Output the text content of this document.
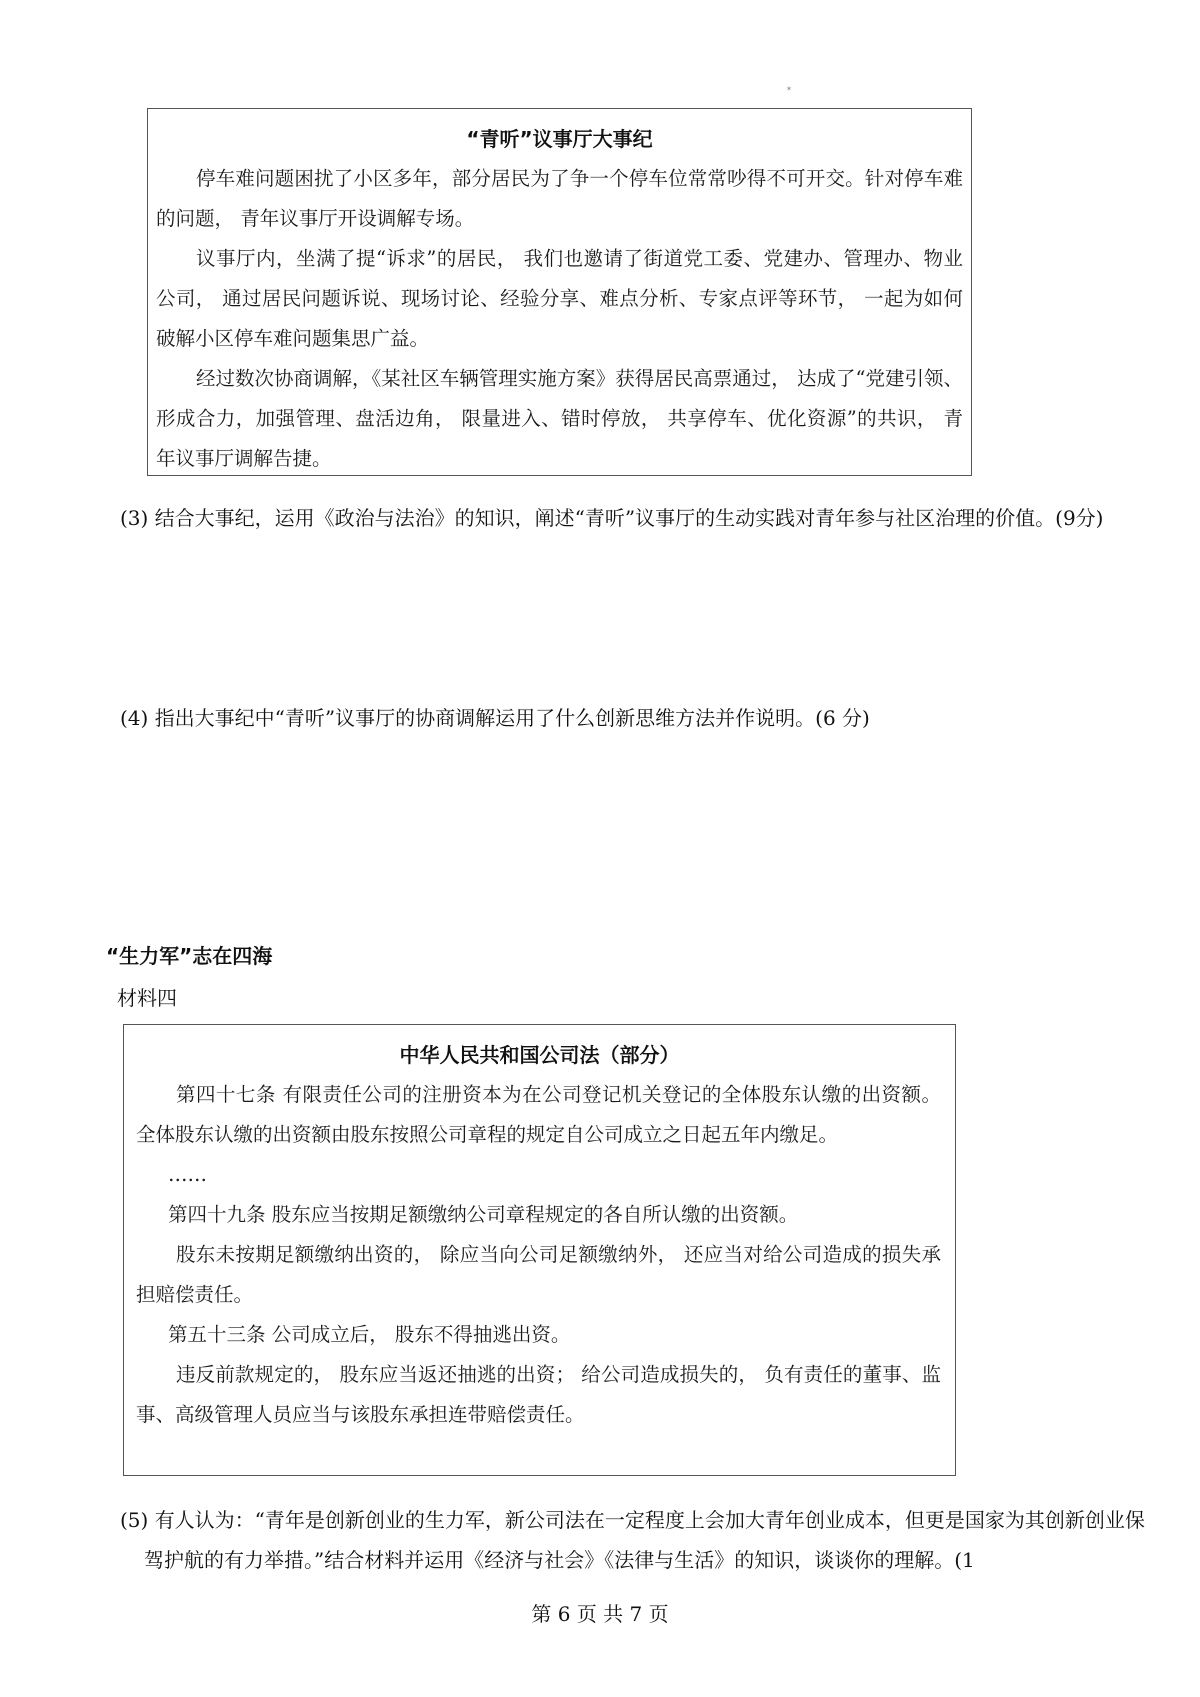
*
“青听”议事厅大事纪

停车难问题困扰了小区多年，部分居民为了争一个停车位常常吵得不可开交。针对停车难的问题， 青年议事厅开设调解专场。

议事厅内，坐满了提“诉求”的居民， 我们也邀请了街道党工委、党建办、管理办、物业公司， 通过居民问题诉说、现场讨论、经验分享、难点分析、专家点评等环节， 一起为如何破解小区停车难问题集思广益。

经过数次协商调解，《某社区车辆管理实施方案》获得居民高票通过， 达成了“党建引领、形成合力，加强管理、盘活边角， 限量进入、错时停放， 共享停车、优化资源”的共识， 青年议事厅调解告捷。

(3) 结合大事纪，运用《政治与法治》的知识，阐述“青听”议事厅的生动实践对青年参与社区治理的价值。(9分)

(4) 指出大事纪中“青听”议事厅的协商调解运用了什么创新思维方法并作说明。(6 分)

“生力军”志在四海
材料四
中华人民共和国公司法（部分）

第四十七条 有限责任公司的注册资本为在公司登记机关登记的全体股东认缴的出资额。全体股东认缴的出资额由股东按照公司章程的规定自公司成立之日起五年内缴足。

……

第四十九条 股东应当按期足额缴纳公司章程规定的各自所认缴的出资额。

股东未按期足额缴纳出资的， 除应当向公司足额缴纳外， 还应当对给公司造成的损失承担赔偿责任。

第五十三条 公司成立后， 股东不得抽逃出资。

违反前款规定的， 股东应当返还抽逃的出资； 给公司造成损失的， 负有责任的董事、监事、高级管理人员应当与该股东承担连带赔偿责任。

(5) 有人认为：“青年是创新创业的生力军，新公司法在一定程度上会加大青年创业成本，但更是国家为其创新创业保驾护航的有力举措。”结合材料并运用《经济与社会》《法律与生活》的知识，谈谈你的理解。(1

第 6 页 共 7 页
